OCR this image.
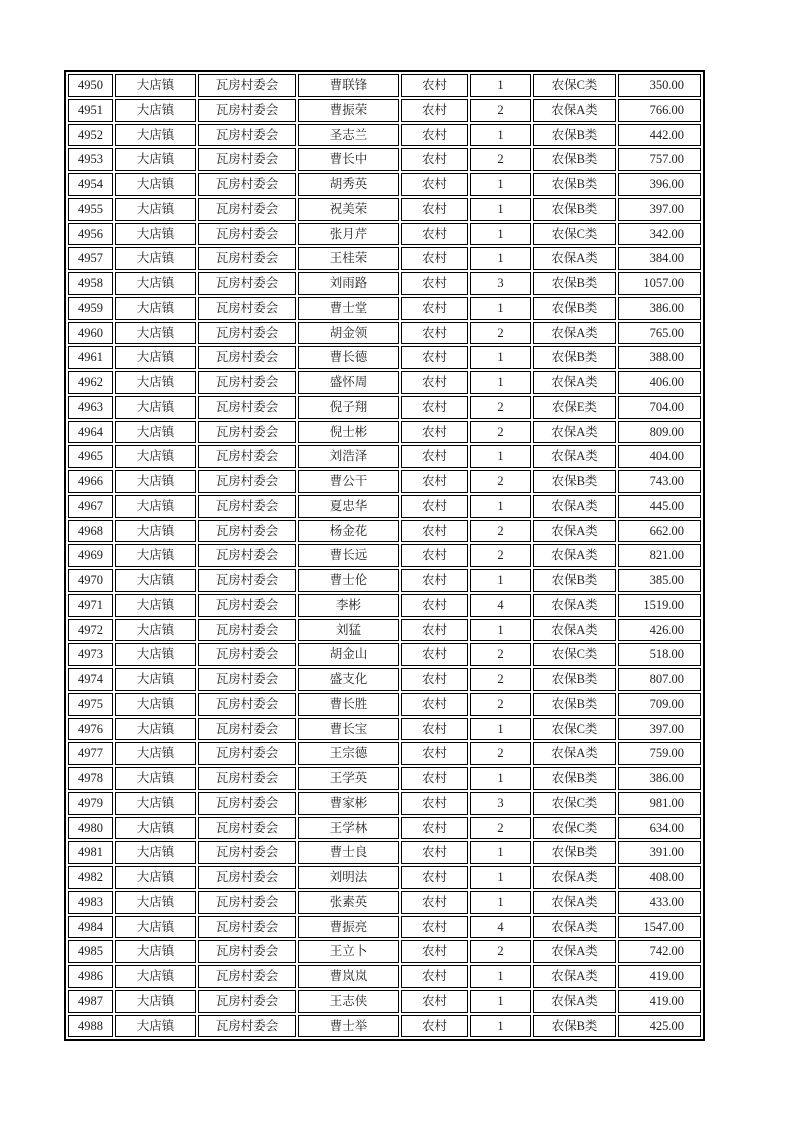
4950	大店镇	瓦房村委会	曹联锋	农村	1	农保C类	350.00
4951	大店镇	瓦房村委会	曹振荣	农村	2	农保A类	766.00
4952	大店镇	瓦房村委会	圣志兰	农村	1	农保B类	442.00
4953	大店镇	瓦房村委会	曹长中	农村	2	农保B类	757.00
4954	大店镇	瓦房村委会	胡秀英	农村	1	农保B类	396.00
4955	大店镇	瓦房村委会	祝美荣	农村	1	农保B类	397.00
4956	大店镇	瓦房村委会	张月芹	农村	1	农保C类	342.00
4957	大店镇	瓦房村委会	王桂荣	农村	1	农保A类	384.00
4958	大店镇	瓦房村委会	刘雨路	农村	3	农保B类	1057.00
4959	大店镇	瓦房村委会	曹士堂	农村	1	农保B类	386.00
4960	大店镇	瓦房村委会	胡金领	农村	2	农保A类	765.00
4961	大店镇	瓦房村委会	曹长德	农村	1	农保B类	388.00
4962	大店镇	瓦房村委会	盛怀周	农村	1	农保A类	406.00
4963	大店镇	瓦房村委会	倪子翔	农村	2	农保E类	704.00
4964	大店镇	瓦房村委会	倪士彬	农村	2	农保A类	809.00
4965	大店镇	瓦房村委会	刘浩泽	农村	1	农保A类	404.00
4966	大店镇	瓦房村委会	曹公干	农村	2	农保B类	743.00
4967	大店镇	瓦房村委会	夏忠华	农村	1	农保A类	445.00
4968	大店镇	瓦房村委会	杨金花	农村	2	农保A类	662.00
4969	大店镇	瓦房村委会	曹长远	农村	2	农保A类	821.00
4970	大店镇	瓦房村委会	曹士伦	农村	1	农保B类	385.00
4971	大店镇	瓦房村委会	李彬	农村	4	农保A类	1519.00
4972	大店镇	瓦房村委会	刘猛	农村	1	农保A类	426.00
4973	大店镇	瓦房村委会	胡金山	农村	2	农保C类	518.00
4974	大店镇	瓦房村委会	盛支化	农村	2	农保B类	807.00
4975	大店镇	瓦房村委会	曹长胜	农村	2	农保B类	709.00
4976	大店镇	瓦房村委会	曹长宝	农村	1	农保C类	397.00
4977	大店镇	瓦房村委会	王宗德	农村	2	农保A类	759.00
4978	大店镇	瓦房村委会	王学英	农村	1	农保B类	386.00
4979	大店镇	瓦房村委会	曹家彬	农村	3	农保C类	981.00
4980	大店镇	瓦房村委会	王学林	农村	2	农保C类	634.00
4981	大店镇	瓦房村委会	曹士良	农村	1	农保B类	391.00
4982	大店镇	瓦房村委会	刘明法	农村	1	农保A类	408.00
4983	大店镇	瓦房村委会	张素英	农村	1	农保A类	433.00
4984	大店镇	瓦房村委会	曹振亮	农村	4	农保A类	1547.00
4985	大店镇	瓦房村委会	王立卜	农村	2	农保A类	742.00
4986	大店镇	瓦房村委会	曹岚岚	农村	1	农保A类	419.00
4987	大店镇	瓦房村委会	王志侠	农村	1	农保A类	419.00
4988	大店镇	瓦房村委会	曹士举	农村	1	农保B类	425.00
